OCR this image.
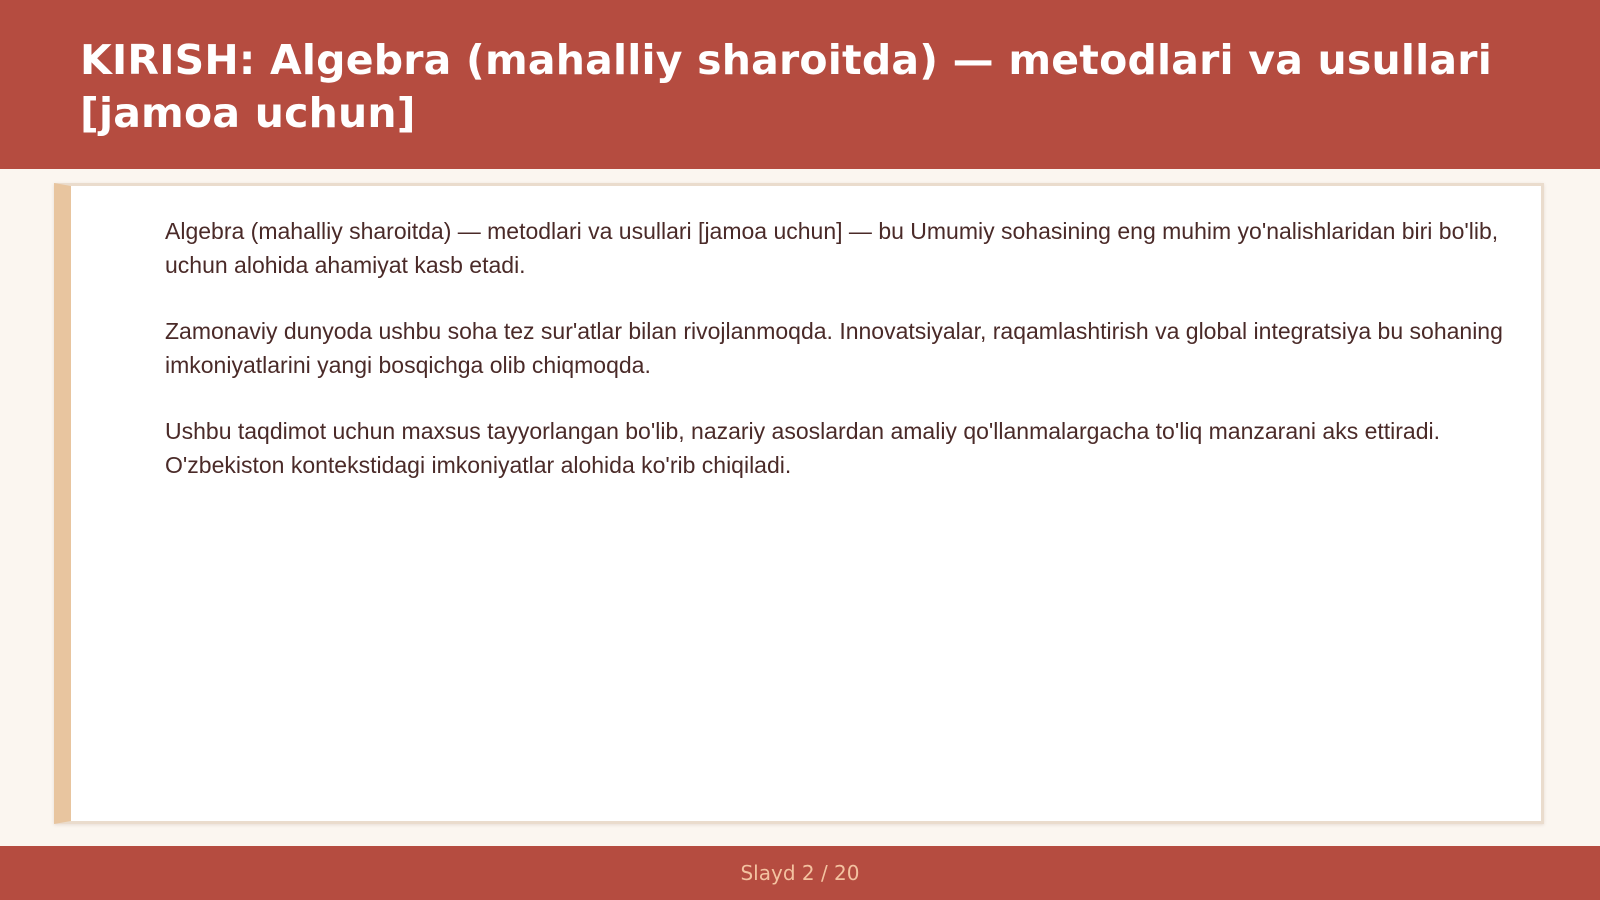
KIRISH: Algebra (mahalliy sharoitda) — metodlari va usullari [jamoa uchun]

Algebra (mahalliy sharoitda) — metodlari va usullari [jamoa uchun] — bu Umumiy sohasining eng muhim yo'nalishlaridan biri bo'lib, uchun alohida ahamiyat kasb etadi.

Zamonaviy dunyoda ushbu soha tez sur'atlar bilan rivojlanmoqda. Innovatsiyalar, raqamlashtirish va global integratsiya bu sohaning imkoniyatlarini yangi bosqichga olib chiqmoqda.

Ushbu taqdimot uchun maxsus tayyorlangan bo'lib, nazariy asoslardan amaliy qo'llanmalargacha to'liq manzarani aks ettiradi. O'zbekiston kontekstidagi imkoniyatlar alohida ko'rib chiqiladi.

Slayd 2 / 20
